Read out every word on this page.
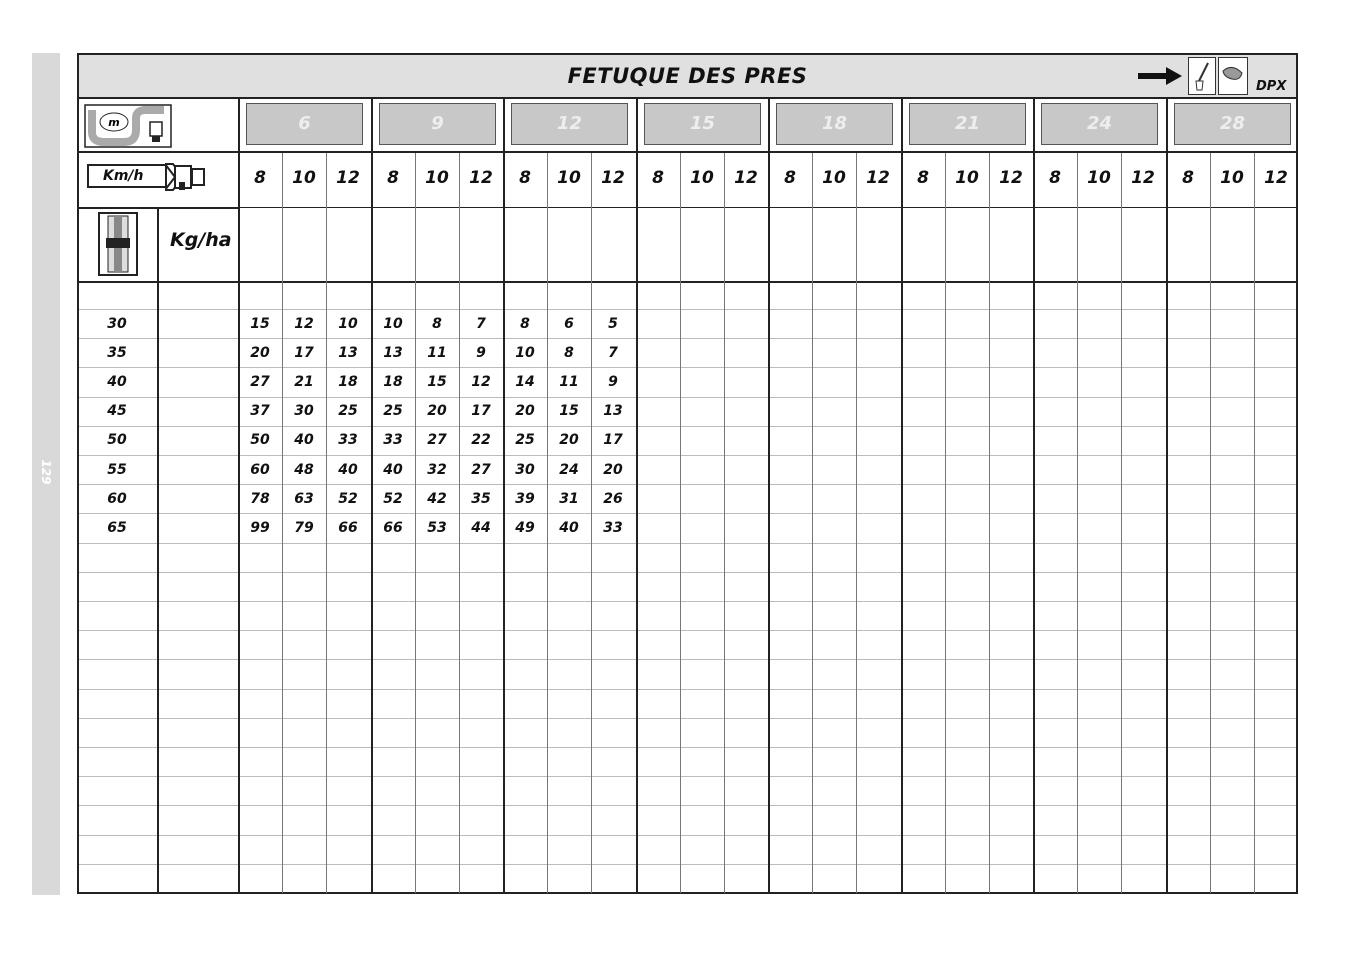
129
FETUQUE DES PRES	DPX
m
Km/h
Kg/ha
6	9	12	15	18	21	24	28
8	10	12	8	10	12	8	10	12	8	10	12	8	10	12	8	10	12	8	10	12	8	10	12
30	15	12	10	10	8	7	8	6	5
35	20	17	13	13	11	9	10	8	7
40	27	21	18	18	15	12	14	11	9
45	37	30	25	25	20	17	20	15	13
50	50	40	33	33	27	22	25	20	17
55	60	48	40	40	32	27	30	24	20
60	78	63	52	52	42	35	39	31	26
65	99	79	66	66	53	44	49	40	33
